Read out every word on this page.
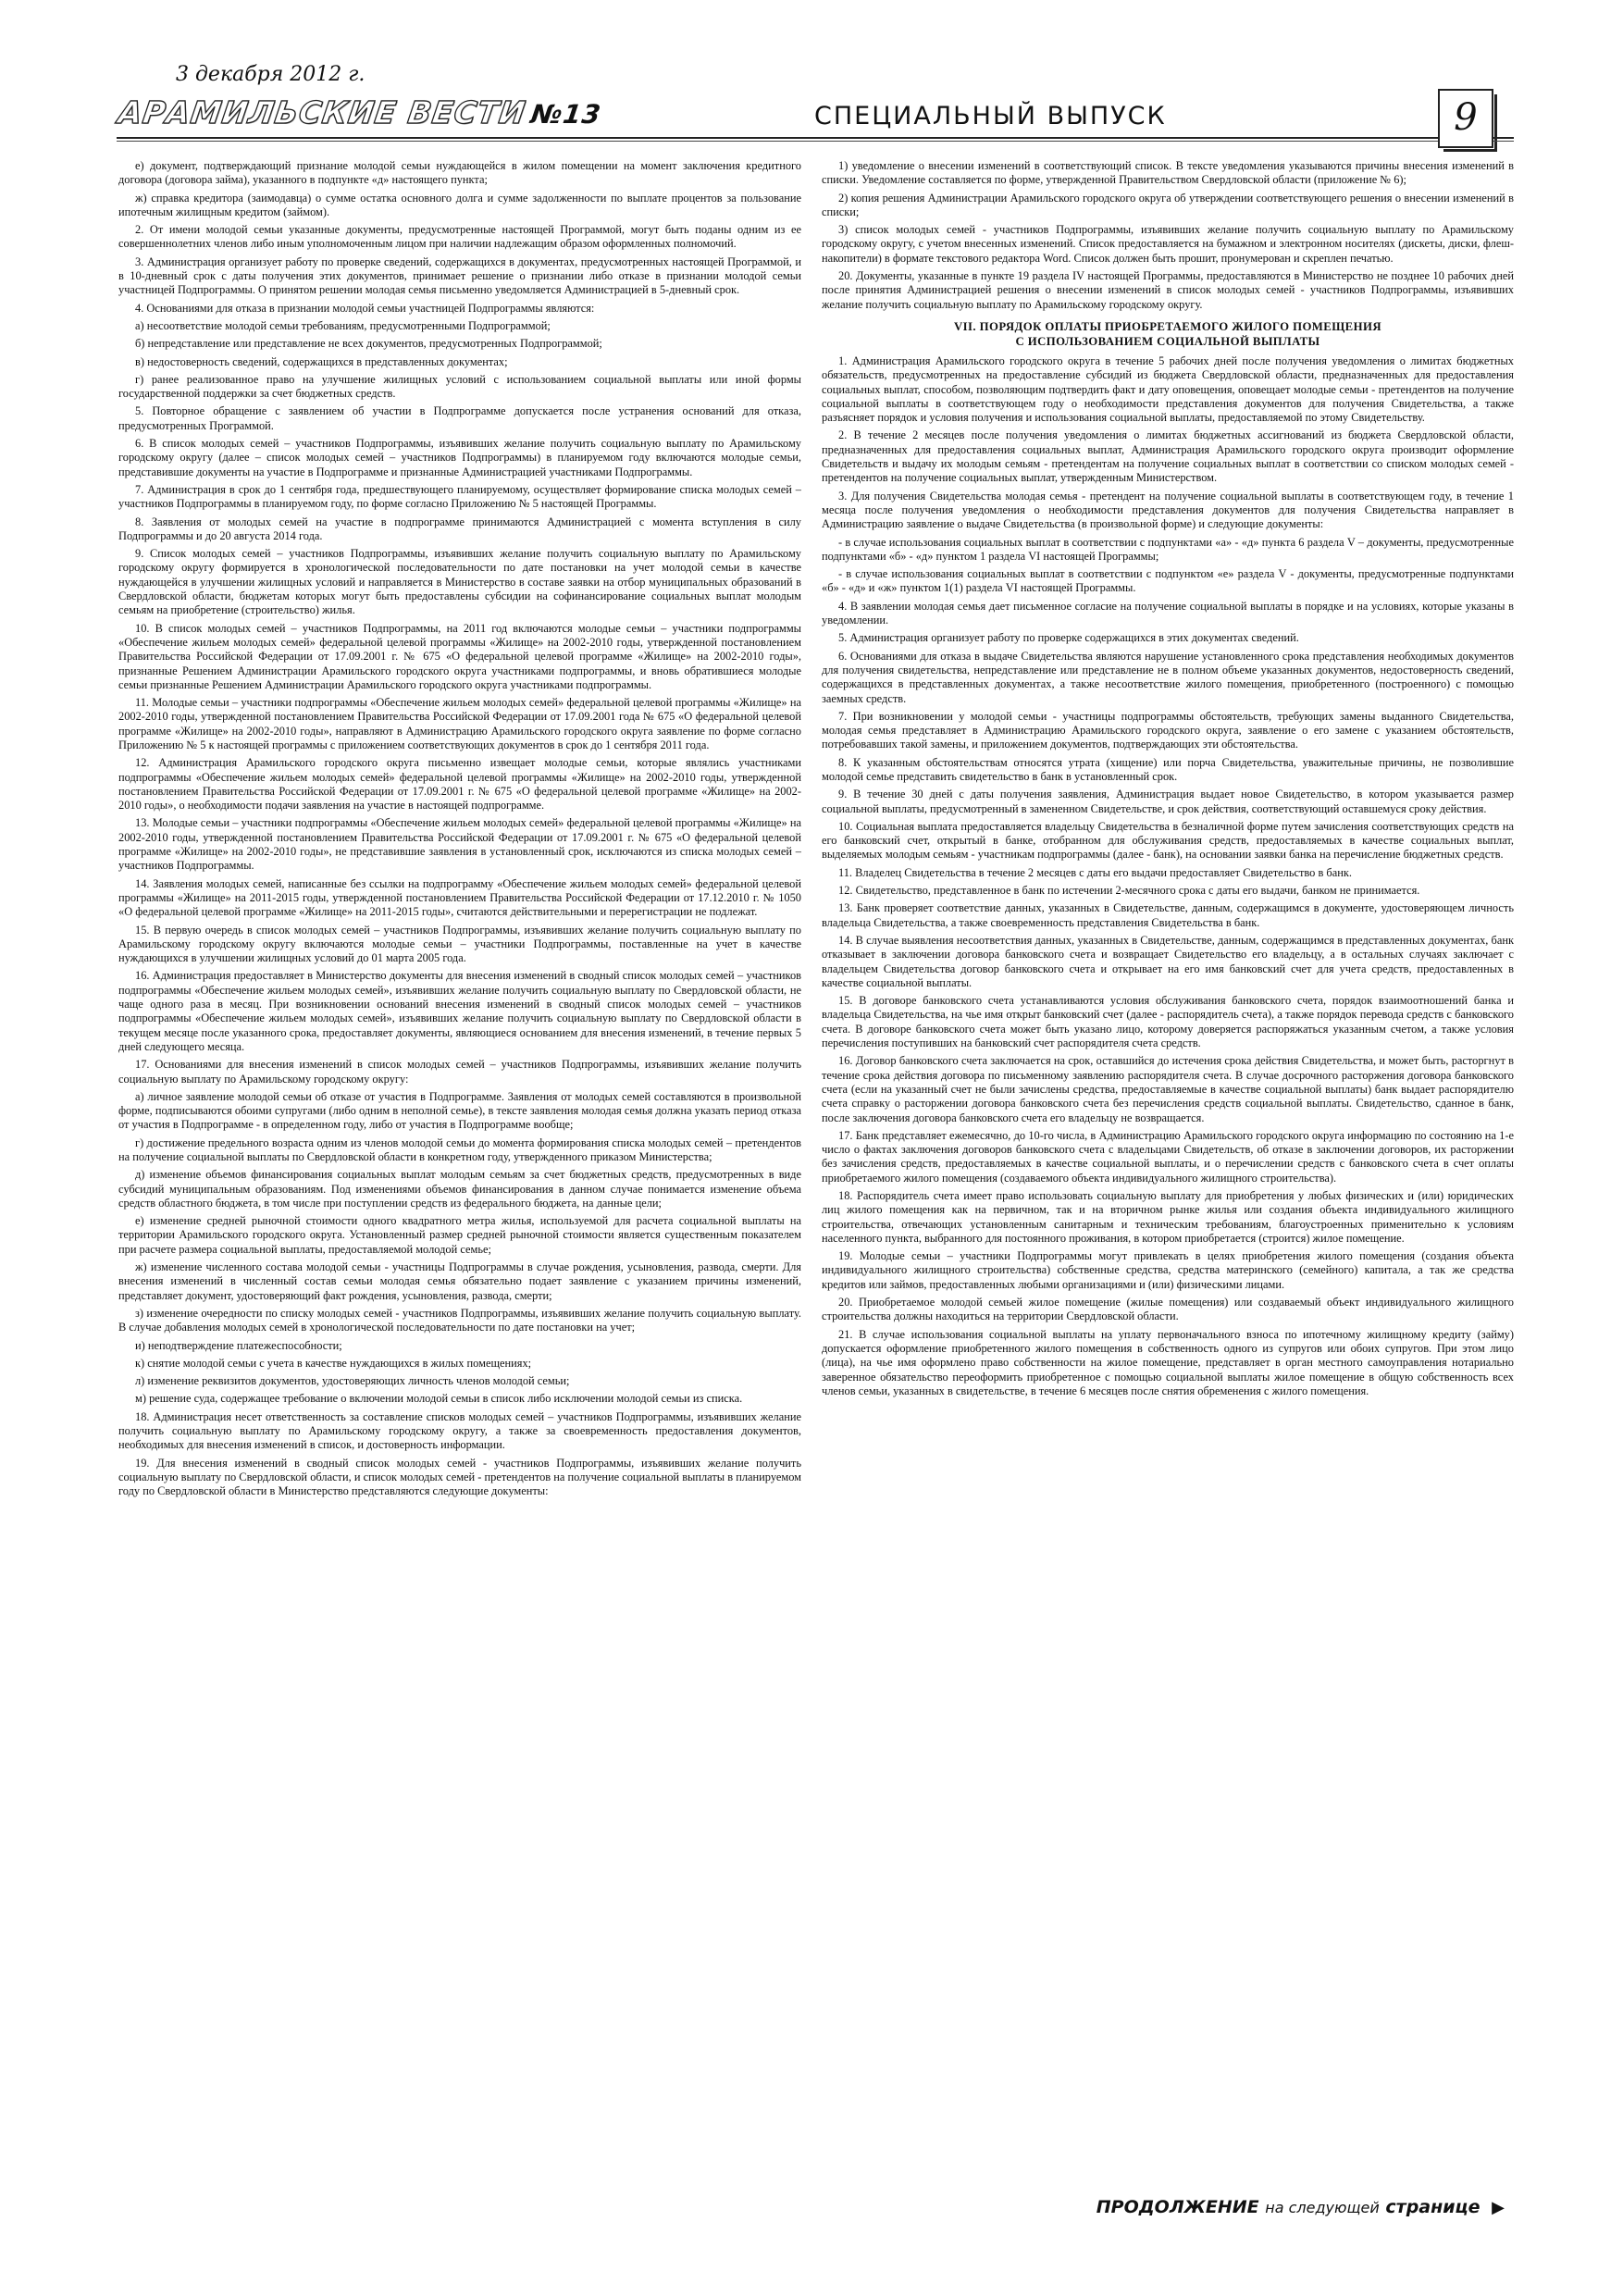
3 декабря 2012 г.
АРАМИЛЬСКИЕ ВЕСТИ№13	СПЕЦИАЛЬНЫЙ ВЫПУСК	9

е) документ, подтверждающий признание молодой семьи нуждающейся в жилом помещении на момент заключения кредитного договора (договора займа), указанного в подпункте «д» настоящего пункта;

ж) справка кредитора (заимодавца) о сумме остатка основного долга и сумме задолженности по выплате процентов за пользование ипотечным жилищным кредитом (займом).

2. От имени молодой семьи указанные документы, предусмотренные настоящей Программой, могут быть поданы одним из ее совершеннолетних членов либо иным уполномоченным лицом при наличии надлежащим образом оформленных полномочий.

3. Администрация организует работу по проверке сведений, содержащихся в документах, предусмотренных настоящей Программой, и в 10-дневный срок с даты получения этих документов, принимает решение о признании либо отказе в признании молодой семьи участницей Подпрограммы. О принятом решении молодая семья письменно уведомляется Администрацией в 5-дневный срок.

4. Основаниями для отказа в признании молодой семьи участницей Подпрограммы являются:

а) несоответствие молодой семьи требованиям, предусмотренными Подпрограммой;

б) непредставление или представление не всех документов, предусмотренных Подпрограммой;

в) недостоверность сведений, содержащихся в представленных документах;

г) ранее реализованное право на улучшение жилищных условий с использованием социальной выплаты или иной формы государственной поддержки за счет бюджетных средств.

5. Повторное обращение с заявлением об участии в Подпрограмме допускается после устранения оснований для отказа, предусмотренных Программой.

6. В список молодых семей – участников Подпрограммы, изъявивших желание получить социальную выплату по Арамильскому городскому округу (далее – список молодых семей – участников Подпрограммы) в планируемом году включаются молодые семьи, представившие документы на участие в Подпрограмме и признанные Администрацией участниками Подпрограммы.

7. Администрация в срок до 1 сентября года, предшествующего планируемому, осуществляет формирование списка молодых семей – участников Подпрограммы в планируемом году, по форме согласно Приложению № 5 настоящей Программы.

8. Заявления от молодых семей на участие в подпрограмме принимаются Администрацией с момента вступления в силу Подпрограммы и до 20 августа 2014 года.

9. Список молодых семей – участников Подпрограммы, изъявивших желание получить социальную выплату по Арамильскому городскому округу формируется в хронологической последовательности по дате постановки на учет молодой семьи в качестве нуждающейся в улучшении жилищных условий и направляется в Министерство в составе заявки на отбор муниципальных образований в Свердловской области, бюджетам которых могут быть предоставлены субсидии на софинансирование социальных выплат молодым семьям на приобретение (строительство) жилья.

10. В список молодых семей – участников Подпрограммы, на 2011 год включаются молодые семьи – участники подпрограммы «Обеспечение жильем молодых семей» федеральной целевой программы «Жилище» на 2002-2010 годы, утвержденной постановлением Правительства Российской Федерации от 17.09.2001 г. № 675 «О федеральной целевой программе «Жилище» на 2002-2010 годы», признанные Решением Администрации Арамильского городского округа участниками подпрограммы, и вновь обратившиеся молодые семьи признанные Решением Администрации Арамильского городского округа участниками подпрограммы.

11. Молодые семьи – участники подпрограммы «Обеспечение жильем молодых семей» федеральной целевой программы «Жилище» на 2002-2010 годы, утвержденной постановлением Правительства Российской Федерации от 17.09.2001 года № 675 «О федеральной целевой программе «Жилище» на 2002-2010 годы», направляют в Администрацию Арамильского городского округа заявление по форме согласно Приложению № 5 к настоящей программы с приложением соответствующих документов в срок до 1 сентября 2011 года.

12. Администрация Арамильского городского округа письменно извещает молодые семьи, которые являлись участниками подпрограммы «Обеспечение жильем молодых семей» федеральной целевой программы «Жилище» на 2002-2010 годы, утвержденной постановлением Правительства Российской Федерации от 17.09.2001 г. № 675 «О федеральной целевой программе «Жилище» на 2002-2010 годы», о необходимости подачи заявления на участие в настоящей подпрограмме.

13. Молодые семьи – участники подпрограммы «Обеспечение жильем молодых семей» федеральной целевой программы «Жилище» на 2002-2010 годы, утвержденной постановлением Правительства Российской Федерации от 17.09.2001 г. № 675 «О федеральной целевой программе «Жилище» на 2002-2010 годы», не представившие заявления в установленный срок, исключаются из списка молодых семей – участников Подпрограммы.

14. Заявления молодых семей, написанные без ссылки на подпрограмму «Обеспечение жильем молодых семей» федеральной целевой программы «Жилище» на 2011-2015 годы, утвержденной постановлением Правительства Российской Федерации от 17.12.2010 г. № 1050 «О федеральной целевой программе «Жилище» на 2011-2015 годы», считаются действительными и перерегистрации не подлежат.

15. В первую очередь в список молодых семей – участников Подпрограммы, изъявивших желание получить социальную выплату по Арамильскому городскому округу включаются молодые семьи – участники Подпрограммы, поставленные на учет в качестве нуждающихся в улучшении жилищных условий до 01 марта 2005 года.

16. Администрация предоставляет в Министерство документы для внесения изменений в сводный список молодых семей – участников подпрограммы «Обеспечение жильем молодых семей», изъявивших желание получить социальную выплату по Свердловской области, не чаще одного раза в месяц. При возникновении оснований внесения изменений в сводный список молодых семей – участников подпрограммы «Обеспечение жильем молодых семей», изъявивших желание получить социальную выплату по Свердловской области в текущем месяце после указанного срока, предоставляет документы, являющиеся основанием для внесения изменений, в течение первых 5 дней следующего месяца.

17. Основаниями для внесения изменений в список молодых семей – участников Подпрограммы, изъявивших желание получить социальную выплату по Арамильскому городскому округу:

а) личное заявление молодой семьи об отказе от участия в Подпрограмме. Заявления от молодых семей составляются в произвольной форме, подписываются обоими супругами (либо одним в неполной семье), в тексте заявления молодая семья должна указать период отказа от участия в Подпрограмме - в определенном году, либо от участия в Подпрограмме вообще;

г) достижение предельного возраста одним из членов молодой семьи до момента формирования списка молодых семей – претендентов на получение социальной выплаты по Свердловской области в конкретном году, утвержденного приказом Министерства;

д) изменение объемов финансирования социальных выплат молодым семьям за счет бюджетных средств, предусмотренных в виде субсидий муниципальным образованиям. Под изменениями объемов финансирования в данном случае понимается изменение объема средств областного бюджета, в том числе при поступлении средств из федерального бюджета, на данные цели;

е) изменение средней рыночной стоимости одного квадратного метра жилья, используемой для расчета социальной выплаты на территории Арамильского городского округа. Установленный размер средней рыночной стоимости является существенным показателем при расчете размера социальной выплаты, предоставляемой молодой семье;

ж) изменение численного состава молодой семьи - участницы Подпрограммы в случае рождения, усыновления, развода, смерти. Для внесения изменений в численный состав семьи молодая семья обязательно подает заявление с указанием причины изменений, представляет документ, удостоверяющий факт рождения, усыновления, развода, смерти;

з) изменение очередности по списку молодых семей - участников Подпрограммы, изъявивших желание получить социальную выплату. В случае добавления молодых семей в хронологической последовательности по дате постановки на учет;

и) неподтверждение платежеспособности;

к) снятие молодой семьи с учета в качестве нуждающихся в жилых помещениях;

л) изменение реквизитов документов, удостоверяющих личность членов молодой семьи;

м) решение суда, содержащее требование о включении молодой семьи в список либо исключении молодой семьи из списка.

18. Администрация несет ответственность за составление списков молодых семей – участников Подпрограммы, изъявивших желание получить социальную выплату по Арамильскому городскому округу, а также за своевременность предоставления документов, необходимых для внесения изменений в список, и достоверность информации.

19. Для внесения изменений в сводный список молодых семей - участников Подпрограммы, изъявивших желание получить социальную выплату по Свердловской области, и список молодых семей - претендентов на получение социальной выплаты в планируемом году по Свердловской области в Министерство представляются следующие документы:

1) уведомление о внесении изменений в соответствующий список. В тексте уведомления указываются причины внесения изменений в списки. Уведомление составляется по форме, утвержденной Правительством Свердловской области (приложение № 6);

2) копия решения Администрации Арамильского городского округа об утверждении соответствующего решения о внесении изменений в списки;

3) список молодых семей - участников Подпрограммы, изъявивших желание получить социальную выплату по Арамильскому городскому округу, с учетом внесенных изменений. Список предоставляется на бумажном и электронном носителях (дискеты, диски, флеш-накопители) в формате текстового редактора Word. Список должен быть прошит, пронумерован и скреплен печатью.

20. Документы, указанные в пункте 19 раздела IV настоящей Программы, предоставляются в Министерство не позднее 10 рабочих дней после принятия Администрацией решения о внесении изменений в список молодых семей - участников Подпрограммы, изъявивших желание получить социальную выплату по Арамильскому городскому округу.

VII. ПОРЯДОК ОПЛАТЫ ПРИОБРЕТАЕМОГО ЖИЛОГО ПОМЕЩЕНИЯ
С ИСПОЛЬЗОВАНИЕМ СОЦИАЛЬНОЙ ВЫПЛАТЫ

1. Администрация Арамильского городского округа в течение 5 рабочих дней после получения уведомления о лимитах бюджетных обязательств, предусмотренных на предоставление субсидий из бюджета Свердловской области, предназначенных для предоставления социальных выплат, способом, позволяющим подтвердить факт и дату оповещения, оповещает молодые семьи - претендентов на получение социальной выплаты в соответствующем году о необходимости представления документов для получения Свидетельства, а также разъясняет порядок и условия получения и использования социальной выплаты, предоставляемой по этому Свидетельству.

2. В течение 2 месяцев после получения уведомления о лимитах бюджетных ассигнований из бюджета Свердловской области, предназначенных для предоставления социальных выплат, Администрация Арамильского городского округа производит оформление Свидетельств и выдачу их молодым семьям - претендентам на получение социальных выплат в соответствии со списком молодых семей - претендентов на получение социальных выплат, утвержденным Министерством.

3. Для получения Свидетельства молодая семья - претендент на получение социальной выплаты в соответствующем году, в течение 1 месяца после получения уведомления о необходимости представления документов для получения Свидетельства направляет в Администрацию заявление о выдаче Свидетельства (в произвольной форме) и следующие документы:

- в случае использования социальных выплат в соответствии с подпунктами «а» - «д» пункта 6 раздела V – документы, предусмотренные подпунктами «б» - «д» пунктом 1 раздела VI настоящей Программы;

- в случае использования социальных выплат в соответствии с подпунктом «е» раздела V - документы, предусмотренные подпунктами «б» - «д» и «ж» пунктом 1(1) раздела VI настоящей Программы.

4. В заявлении молодая семья дает письменное согласие на получение социальной выплаты в порядке и на условиях, которые указаны в уведомлении.

5. Администрация организует работу по проверке содержащихся в этих документах сведений.

6. Основаниями для отказа в выдаче Свидетельства являются нарушение установленного срока представления необходимых документов для получения свидетельства, непредставление или представление не в полном объеме указанных документов, недостоверность сведений, содержащихся в представленных документах, а также несоответствие жилого помещения, приобретенного (построенного) с помощью заемных средств.

7. При возникновении у молодой семьи - участницы подпрограммы обстоятельств, требующих замены выданного Свидетельства, молодая семья представляет в Администрацию Арамильского городского округа, заявление о его замене с указанием обстоятельств, потребовавших такой замены, и приложением документов, подтверждающих эти обстоятельства.

8. К указанным обстоятельствам относятся утрата (хищение) или порча Свидетельства, уважительные причины, не позволившие молодой семье представить свидетельство в банк в установленный срок.

9. В течение 30 дней с даты получения заявления, Администрация выдает новое Свидетельство, в котором указывается размер социальной выплаты, предусмотренный в замененном Свидетельстве, и срок действия, соответствующий оставшемуся сроку действия.

10. Социальная выплата предоставляется владельцу Свидетельства в безналичной форме путем зачисления соответствующих средств на его банковский счет, открытый в банке, отобранном для обслуживания средств, предоставляемых в качестве социальных выплат, выделяемых молодым семьям - участникам подпрограммы (далее - банк), на основании заявки банка на перечисление бюджетных средств.

11. Владелец Свидетельства в течение 2 месяцев с даты его выдачи предоставляет Свидетельство в банк.

12. Свидетельство, представленное в банк по истечении 2-месячного срока с даты его выдачи, банком не принимается.

13. Банк проверяет соответствие данных, указанных в Свидетельстве, данным, содержащимся в документе, удостоверяющем личность владельца Свидетельства, а также своевременность представления Свидетельства в банк.

14. В случае выявления несоответствия данных, указанных в Свидетельстве, данным, содержащимся в представленных документах, банк отказывает в заключении договора банковского счета и возвращает Свидетельство его владельцу, а в остальных случаях заключает с владельцем Свидетельства договор банковского счета и открывает на его имя банковский счет для учета средств, предоставленных в качестве социальной выплаты.

15. В договоре банковского счета устанавливаются условия обслуживания банковского счета, порядок взаимоотношений банка и владельца Свидетельства, на чье имя открыт банковский счет (далее - распорядитель счета), а также порядок перевода средств с банковского счета. В договоре банковского счета может быть указано лицо, которому доверяется распоряжаться указанным счетом, а также условия перечисления поступивших на банковский счет распорядителя счета средств.

16. Договор банковского счета заключается на срок, оставшийся до истечения срока действия Свидетельства, и может быть, расторгнут в течение срока действия договора по письменному заявлению распорядителя счета. В случае досрочного расторжения договора банковского счета (если на указанный счет не были зачислены средства, предоставляемые в качестве социальной выплаты) банк выдает распорядителю счета справку о расторжении договора банковского счета без перечисления средств социальной выплаты. Свидетельство, сданное в банк, после заключения договора банковского счета его владельцу не возвращается.

17. Банк представляет ежемесячно, до 10-го числа, в Администрацию Арамильского городского округа информацию по состоянию на 1-е число о фактах заключения договоров банковского счета с владельцами Свидетельств, об отказе в заключении договоров, их расторжении без зачисления средств, предоставляемых в качестве социальной выплаты, и о перечислении средств с банковского счета в счет оплаты приобретаемого жилого помещения (создаваемого объекта индивидуального жилищного строительства).

18. Распорядитель счета имеет право использовать социальную выплату для приобретения у любых физических и (или) юридических лиц жилого помещения как на первичном, так и на вторичном рынке жилья или создания объекта индивидуального жилищного строительства, отвечающих установленным санитарным и техническим требованиям, благоустроенных применительно к условиям населенного пункта, выбранного для постоянного проживания, в котором приобретается (строится) жилое помещение.

19. Молодые семьи – участники Подпрограммы могут привлекать в целях приобретения жилого помещения (создания объекта индивидуального жилищного строительства) собственные средства, средства материнского (семейного) капитала, а так же средства кредитов или займов, предоставленных любыми организациями и (или) физическими лицами.

20. Приобретаемое молодой семьей жилое помещение (жилые помещения) или создаваемый объект индивидуального жилищного строительства должны находиться на территории Свердловской области.

21. В случае использования социальной выплаты на уплату первоначального взноса по ипотечному жилищному кредиту (займу) допускается оформление приобретенного жилого помещения в собственность одного из супругов или обоих супругов. При этом лицо (лица), на чье имя оформлено право собственности на жилое помещение, представляет в орган местного самоуправления нотариально заверенное обязательство переоформить приобретенное с помощью социальной выплаты жилое помещение в общую собственность всех членов семьи, указанных в свидетельстве, в течение 6 месяцев после снятия обременения с жилого помещения.

ПРОДОЛЖЕНИЕ на следующей странице ▶
